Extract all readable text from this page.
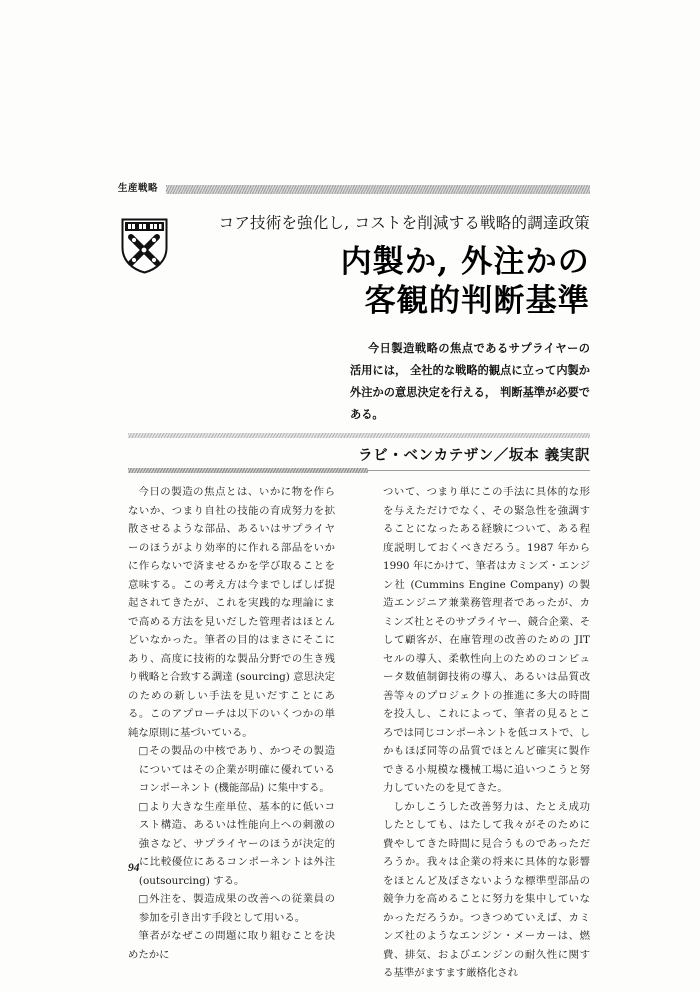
生産戦略

コア技術を強化し, コストを削減する戦略的調達政策

内製か, 外注かの
客観的判断基準
今日製造戦略の焦点であるサプライヤーの活用には， 全社的な戦略的観点に立って内製か外注かの意思決定を行える， 判断基準が必要である。
ラビ・ベンカテザン／坂本 義実訳

今日の製造の焦点とは、いかに物を作らないか、つまり自社の技能の育成努力を拡散させるような部品、あるいはサプライヤーのほうがより効率的に作れる部品をいかに作らないで済ませるかを学び取ることを意味する。この考え方は今までしばしば提起されてきたが、これを実践的な理論にまで高める方法を見いだした管理者はほとんどいなかった。筆者の目的はまさにそこにあり、高度に技術的な製品分野での生き残り戦略と合致する調達 (sourcing) 意思決定のための新しい手法を見いだすことにある。このアプローチは以下のいくつかの単純な原則に基づいている。

□ その製品の中核であり、かつその製造についてはその企業が明確に優れているコンポーネント (機能部品) に集中する。

□ より大きな生産単位、基本的に低いコスト構造、あるいは性能向上への刺激の強さなど、サプライヤーのほうが決定的に比較優位にあるコンポーネントは外注 (outsourcing) する。

□ 外注を、製造成果の改善への従業員の参加を引き出す手段として用いる。

筆者がなぜこの問題に取り組むことを決めたかに

ついて、つまり単にこの手法に具体的な形を与えただけでなく、その緊急性を強調することになったある経験について、ある程度説明しておくべきだろう。1987 年から 1990 年にかけて、筆者はカミンズ・エンジン社 (Cummins Engine Company) の製造エンジニア兼業務管理者であったが、カミンズ社とそのサプライヤー、競合企業、そして顧客が、在庫管理の改善のための JIT セルの導入、柔軟性向上のためのコンピュータ数値制御技術の導入、あるいは品質改善等々のプロジェクトの推進に多大の時間を投入し、これによって、筆者の見るところでは同じコンポーネントを低コストで、しかもほぼ同等の品質でほとんど確実に製作できる小規模な機械工場に追いつこうと努力していたのを見てきた。

しかしこうした改善努力は、たとえ成功したとしても、はたして我々がそのために費やしてきた時間に見合うものであっただろうか。我々は企業の将来に具体的な影響をほとんど及ぼさないような標準型部品の競争力を高めることに努力を集中していなかっただろうか。つきつめていえば、カミンズ社のようなエンジン・メーカーは、燃費、排気、およびエンジンの耐久性に関する基準がますます厳格化され

94
